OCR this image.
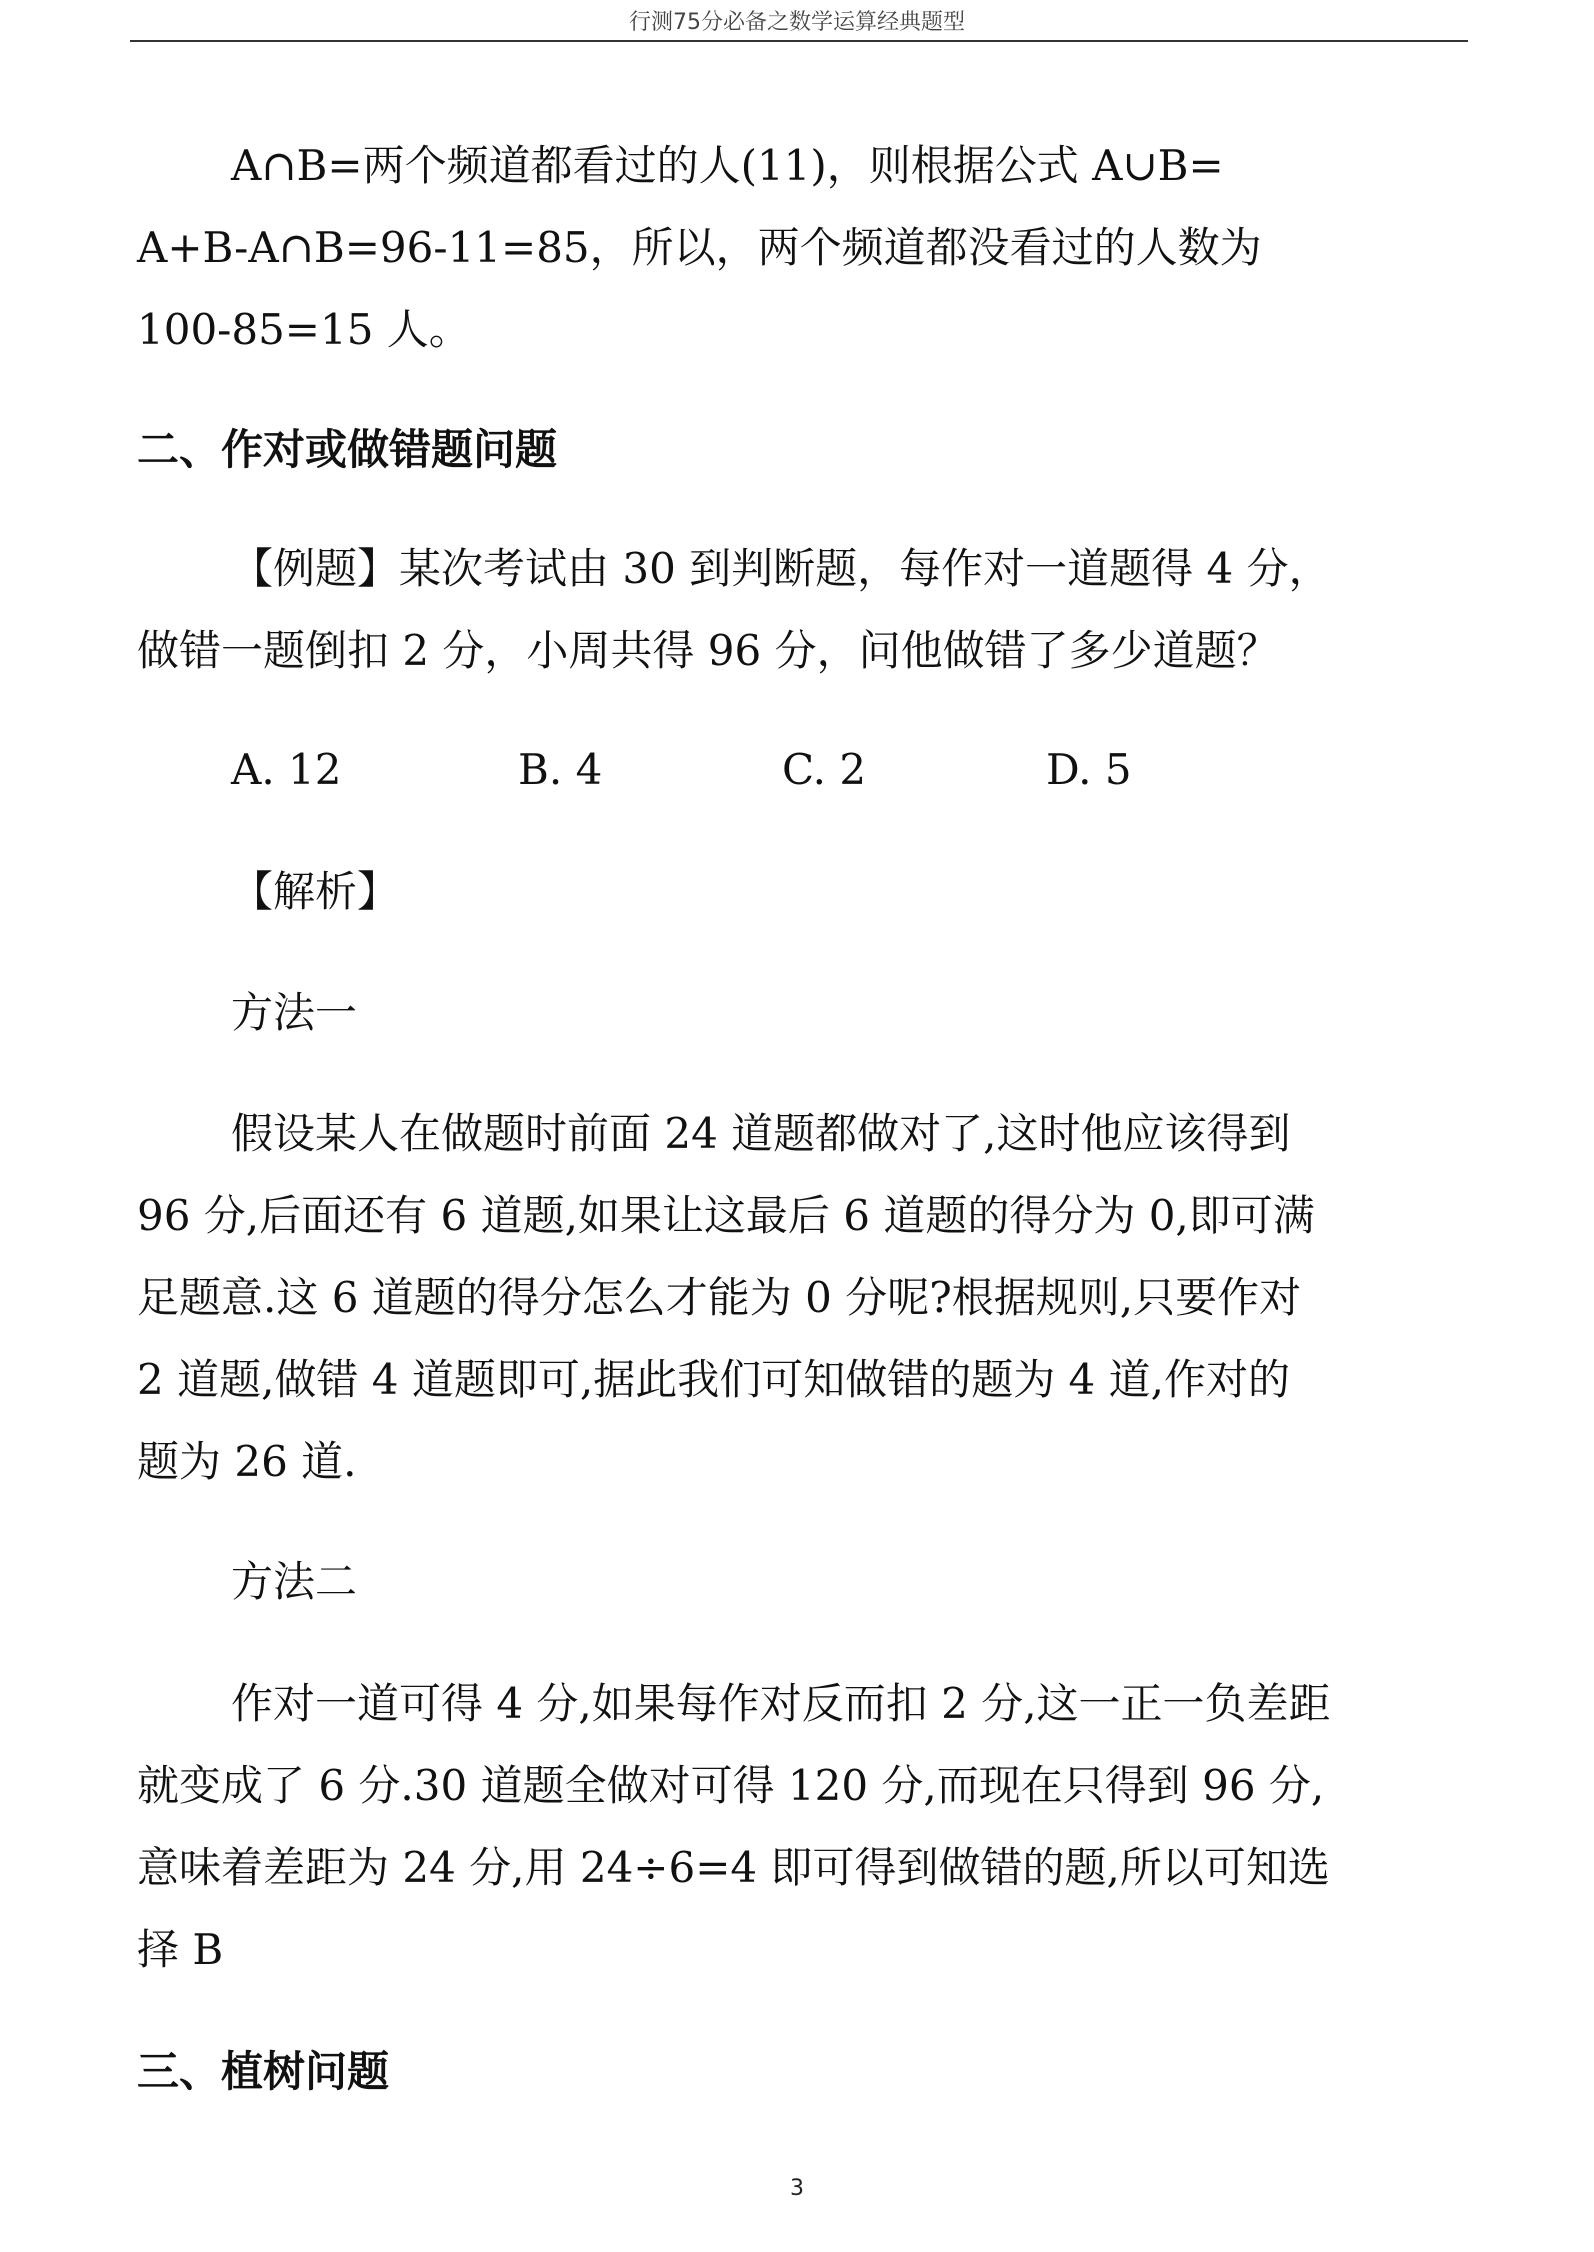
行测75分必备之数学运算经典题型
A∩B=两个频道都看过的人(11)，则根据公式 A∪B=
A+B-A∩B=96-11=85，所以，两个频道都没看过的人数为
100-85=15 人。
二、作对或做错题问题
【例题】某次考试由 30 到判断题，每作对一道题得 4 分，
做错一题倒扣 2 分，小周共得 96 分，问他做错了多少道题？
A. 12	B. 4	C. 2	D. 5
【解析】
方法一
假设某人在做题时前面 24 道题都做对了,这时他应该得到
96 分,后面还有 6 道题,如果让这最后 6 道题的得分为 0,即可满
足题意.这 6 道题的得分怎么才能为 0 分呢?根据规则,只要作对
2 道题,做错 4 道题即可,据此我们可知做错的题为 4 道,作对的
题为 26 道.
方法二
作对一道可得 4 分,如果每作对反而扣 2 分,这一正一负差距
就变成了 6 分.30 道题全做对可得 120 分,而现在只得到 96 分,
意味着差距为 24 分,用 24÷6=4 即可得到做错的题,所以可知选
择 B
三、植树问题
3
